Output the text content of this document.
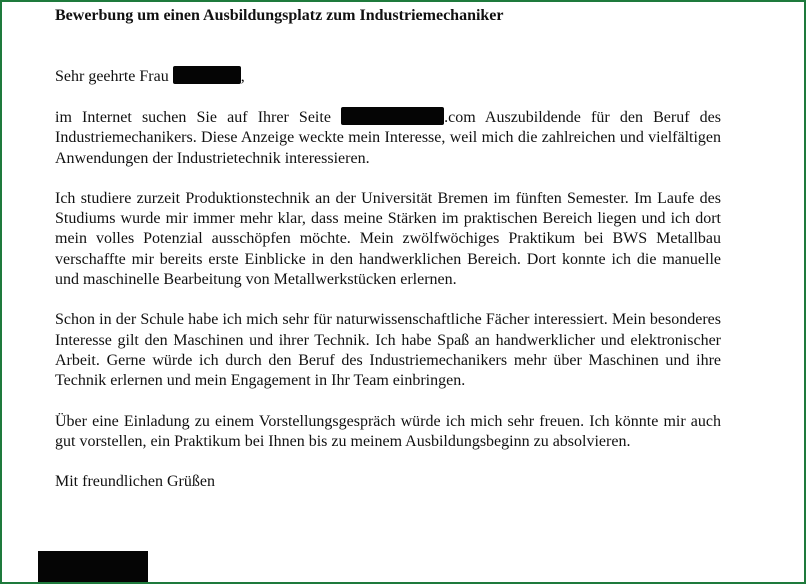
Bewerbung um einen Ausbildungsplatz zum Industriemechaniker

Sehr geehrte Frau	,

im Internet suchen Sie auf Ihrer Seite	.com Auszubildende für den Beruf des Industriemechanikers. Diese Anzeige weckte mein Interesse, weil mich die zahlreichen und vielfältigen Anwendungen der Industrietechnik interessieren.

Ich studiere zurzeit Produktionstechnik an der Universität Bremen im fünften Semester. Im Laufe des Studiums wurde mir immer mehr klar, dass meine Stärken im praktischen Bereich liegen und ich dort mein volles Potenzial ausschöpfen möchte. Mein zwölfwöchiges Praktikum bei BWS Metallbau verschaffte mir bereits erste Einblicke in den handwerklichen Bereich. Dort konnte ich die manuelle und maschinelle Bearbeitung von Metallwerkstücken erlernen.

Schon in der Schule habe ich mich sehr für naturwissenschaftliche Fächer interessiert. Mein besonderes Interesse gilt den Maschinen und ihrer Technik. Ich habe Spaß an handwerklicher und elektronischer Arbeit. Gerne würde ich durch den Beruf des Industriemechanikers mehr über Maschinen und ihre Technik erlernen und mein Engagement in Ihr Team einbringen.

Über eine Einladung zu einem Vorstellungsgespräch würde ich mich sehr freuen. Ich könnte mir auch gut vorstellen, ein Praktikum bei Ihnen bis zu meinem Ausbildungsbeginn zu absolvieren.

Mit freundlichen Grüßen
